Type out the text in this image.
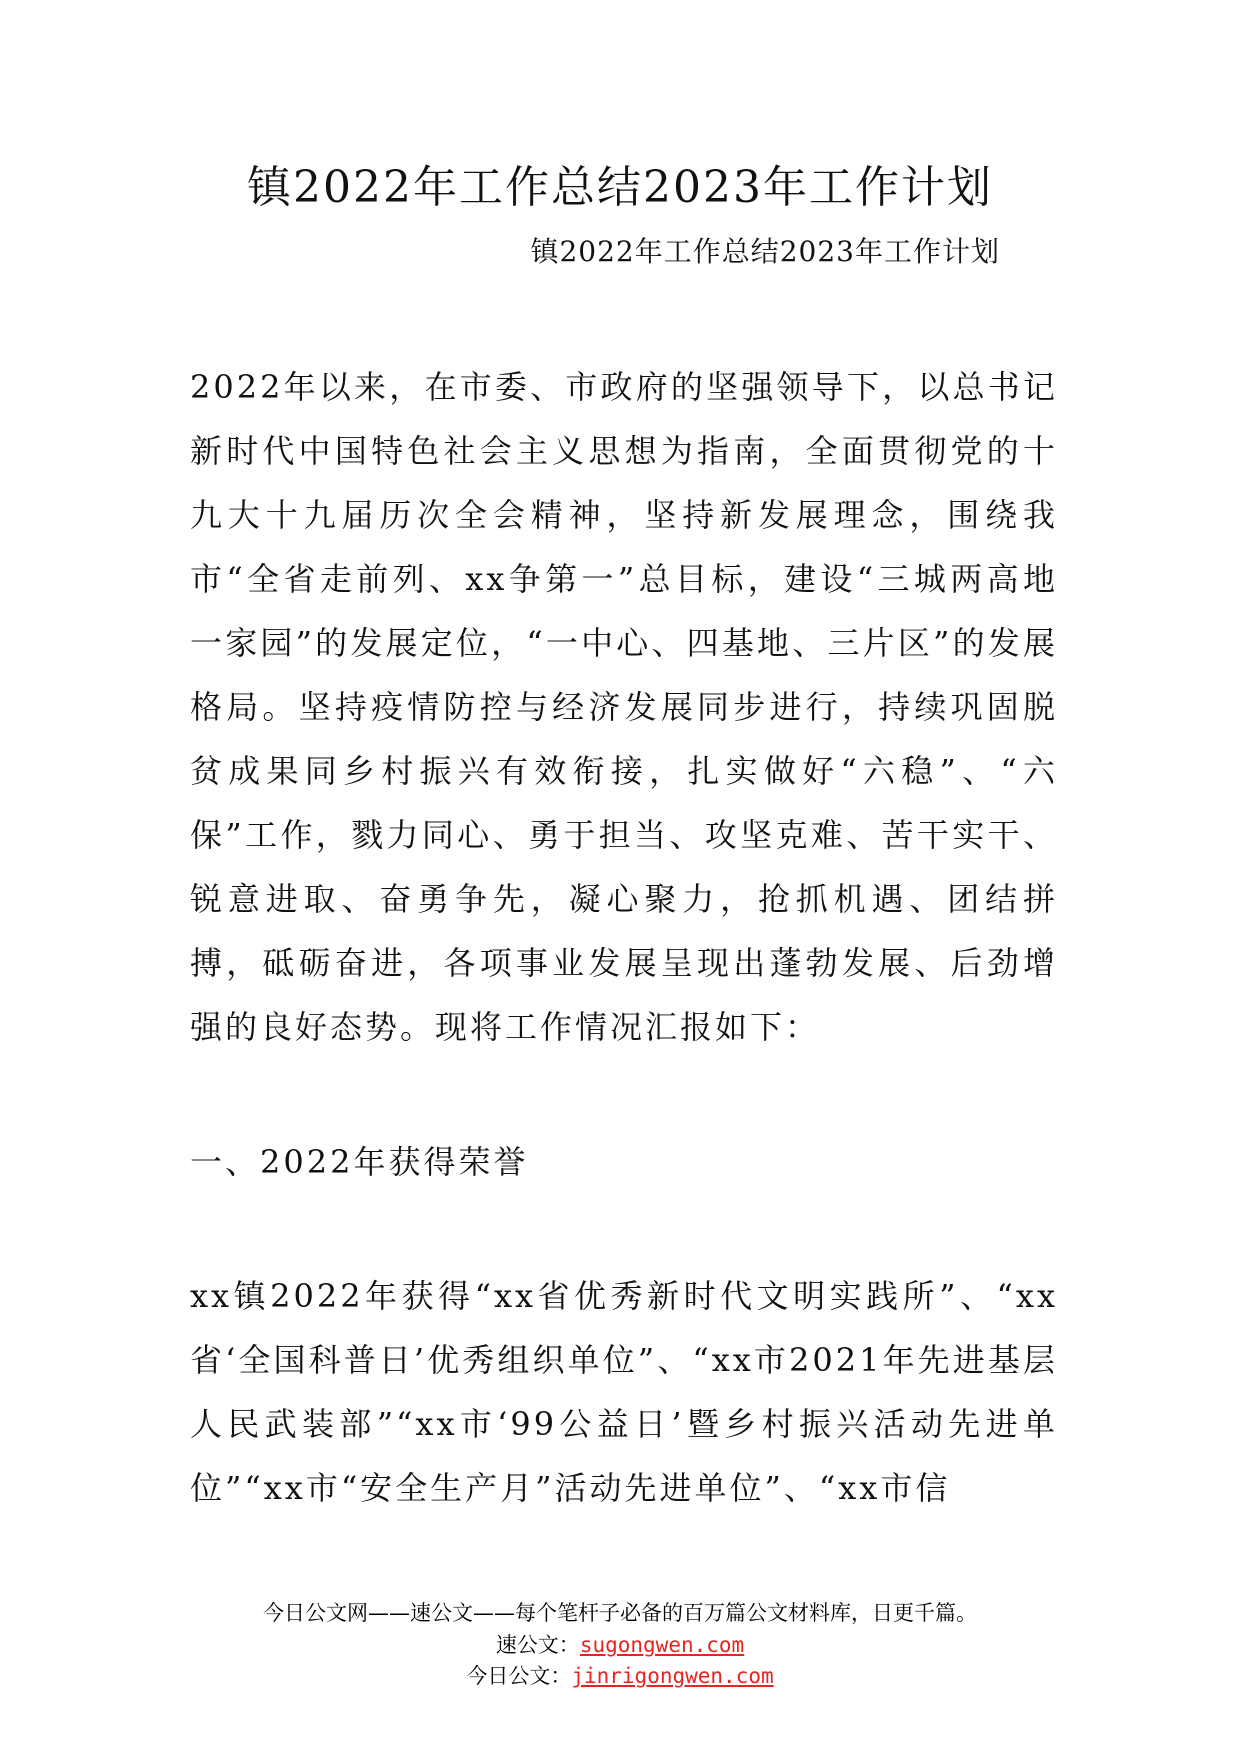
镇2022年工作总结2023年工作计划
镇2022年工作总结2023年工作计划

2022年以来，在市委、市政府的坚强领导下，以总书记新时代中国特色社会主义思想为指南，全面贯彻党的十九大十九届历次全会精神，坚持新发展理念，围绕我市“全省走前列、xx争第一”总目标，建设“三城两高地一家园”的发展定位，“一中心、四基地、三片区”的发展格局。坚持疫情防控与经济发展同步进行，持续巩固脱贫成果同乡村振兴有效衔接，扎实做好“六稳”、“六保”工作，戮力同心、勇于担当、攻坚克难、苦干实干、锐意进取、奋勇争先，凝心聚力，抢抓机遇、团结拼搏，砥砺奋进，各项事业发展呈现出蓬勃发展、后劲增强的良好态势。现将工作情况汇报如下：

一、2022年获得荣誉

xx镇2022年获得“xx省优秀新时代文明实践所”、“xx省‘全国科普日’优秀组织单位”、“xx市2021年先进基层人民武装部”“xx市‘99公益日’暨乡村振兴活动先进单位”“xx市“安全生产月”活动先进单位”、“xx市信

今日公文网——速公文——每个笔杆子必备的百万篇公文材料库，日更千篇。
速公文：sugongwen.com
今日公文：jinrigongwen.com
